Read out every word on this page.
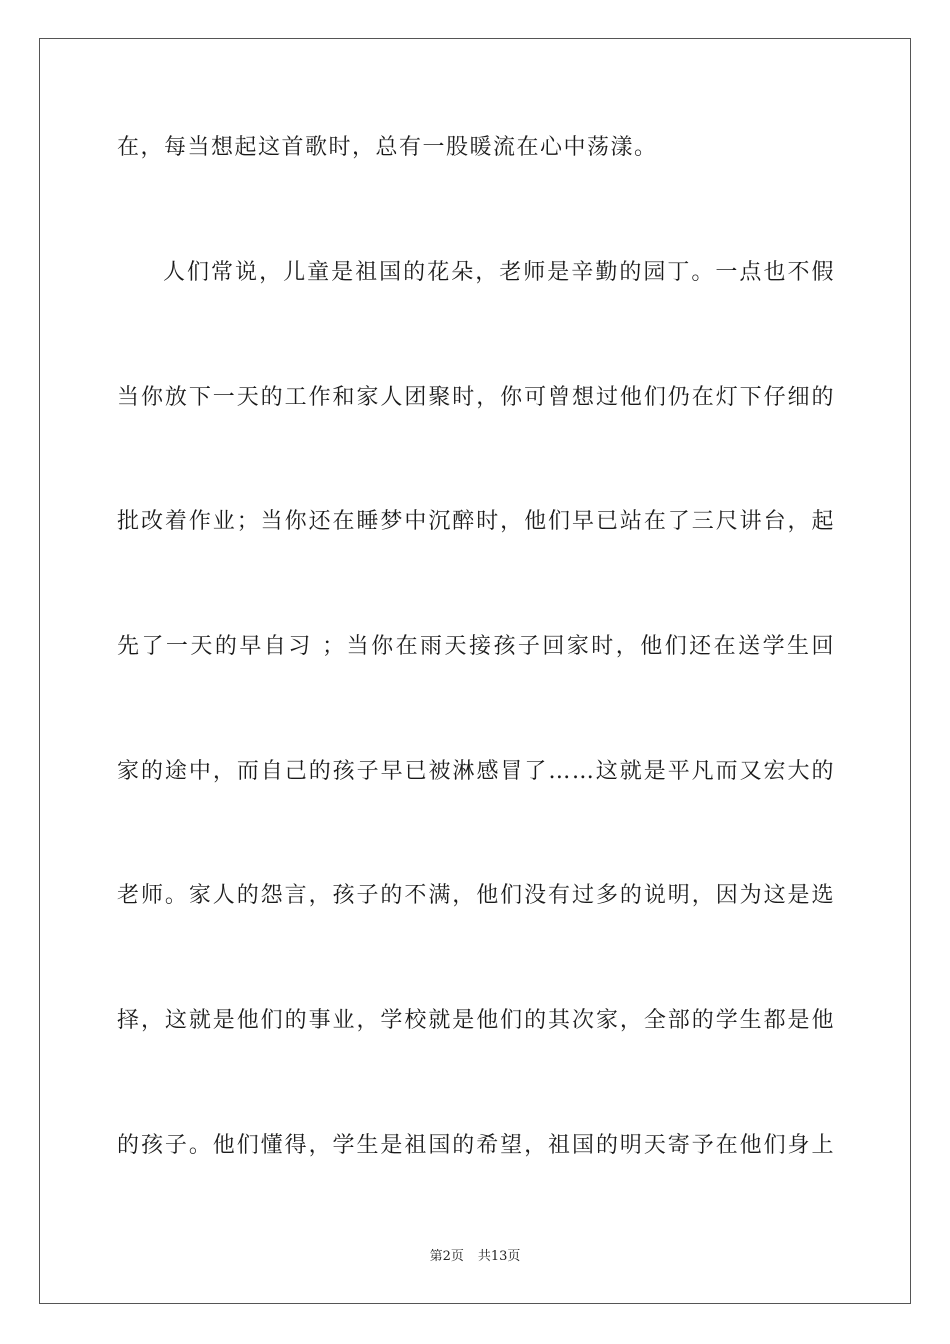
在，每当想起这首歌时，总有一股暖流在心中荡漾。
人们常说，儿童是祖国的花朵，老师是辛勤的园丁。一点也不假
当你放下一天的工作和家人团聚时，你可曾想过他们仍在灯下仔细的
批改着作业；当你还在睡梦中沉醉时，他们早已站在了三尺讲台，起
先了一天的早自习 ；当你在雨天接孩子回家时，他们还在送学生回
家的途中，而自己的孩子早已被淋感冒了……这就是平凡而又宏大的
老师。家人的怨言，孩子的不满，他们没有过多的说明，因为这是选
择，这就是他们的事业，学校就是他们的其次家，全部的学生都是他
的孩子。他们懂得，学生是祖国的希望，祖国的明天寄予在他们身上
第2页 共13页
